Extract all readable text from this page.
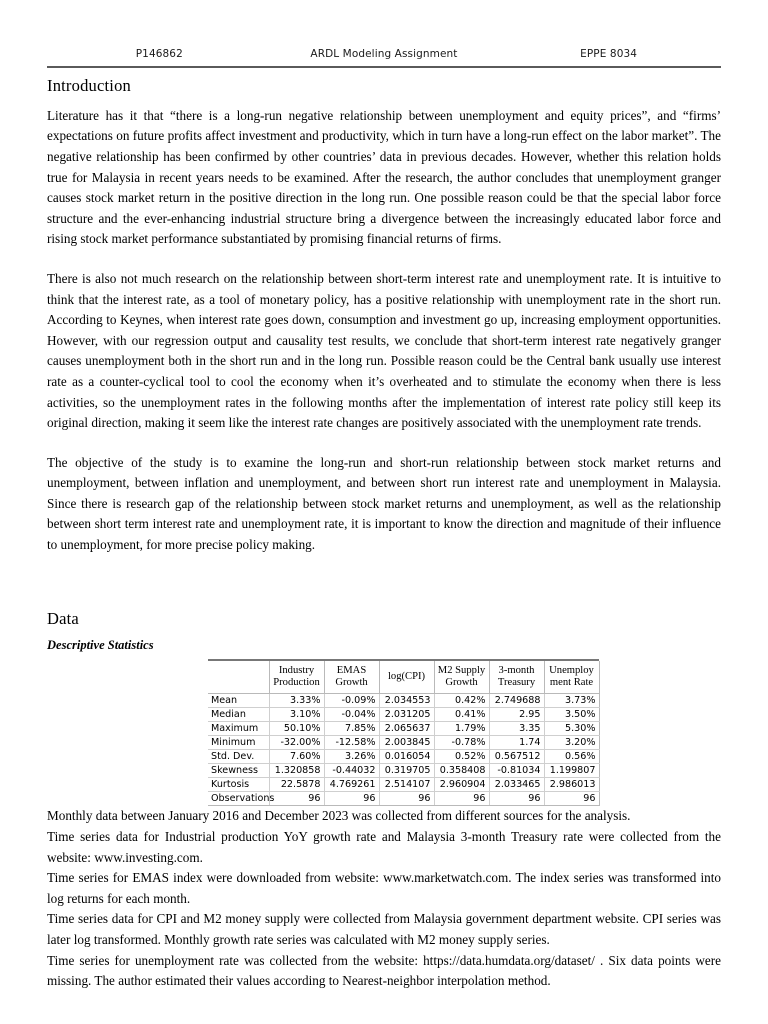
P146862	ARDL Modeling Assignment	EPPE 8034
Introduction

Literature has it that “there is a long-run negative relationship between unemployment and equity prices”, and “firms’ expectations on future profits affect investment and productivity, which in turn have a long-run effect on the labor market”. The negative relationship has been confirmed by other countries’ data in previous decades. However, whether this relation holds true for Malaysia in recent years needs to be examined. After the research, the author concludes that unemployment granger causes stock market return in the positive direction in the long run. One possible reason could be that the special labor force structure and the ever-enhancing industrial structure bring a divergence between the increasingly educated labor force and rising stock market performance substantiated by promising financial returns of firms.

There is also not much research on the relationship between short-term interest rate and unemployment rate. It is intuitive to think that the interest rate, as a tool of monetary policy, has a positive relationship with unemployment rate in the short run. According to Keynes, when interest rate goes down, consumption and investment go up, increasing employment opportunities. However, with our regression output and causality test results, we conclude that short-term interest rate negatively granger causes unemployment both in the short run and in the long run. Possible reason could be the Central bank usually use interest rate as a counter-cyclical tool to cool the economy when it’s overheated and to stimulate the economy when there is less activities, so the unemployment rates in the following months after the implementation of interest rate policy still keep its original direction, making it seem like the interest rate changes are positively associated with the unemployment rate trends.

The objective of the study is to examine the long-run and short-run relationship between stock market returns and unemployment, between inflation and unemployment, and between short run interest rate and unemployment in Malaysia. Since there is research gap of the relationship between stock market returns and unemployment, as well as the relationship between short term interest rate and unemployment rate, it is important to know the direction and magnitude of their influence to unemployment, for more precise policy making.

Data
Descriptive Statistics
	Industry Production	EMAS Growth	log(CPI)	M2 Supply Growth	3-month Treasury	Unemploy ment Rate
Mean	3.33%	-0.09%	2.034553	0.42%	2.749688	3.73%
Median	3.10%	-0.04%	2.031205	0.41%	2.95	3.50%
Maximum	50.10%	7.85%	2.065637	1.79%	3.35	5.30%
Minimum	-32.00%	-12.58%	2.003845	-0.78%	1.74	3.20%
Std. Dev.	7.60%	3.26%	0.016054	0.52%	0.567512	0.56%
Skewness	1.320858	-0.44032	0.319705	0.358408	-0.81034	1.199807
Kurtosis	22.5878	4.769261	2.514107	2.960904	2.033465	2.986013
Observations	96	96	96	96	96	96

Monthly data between January 2016 and December 2023 was collected from different sources for the analysis.

Time series data for Industrial production YoY growth rate and Malaysia 3-month Treasury rate were collected from the website: www.investing.com.

Time series for EMAS index were downloaded from website: www.marketwatch.com. The index series was transformed into log returns for each month.

Time series data for CPI and M2 money supply were collected from Malaysia government department website. CPI series was later log transformed. Monthly growth rate series was calculated with M2 money supply series.

Time series for unemployment rate was collected from the website: https://data.humdata.org/dataset/ . Six data points were missing. The author estimated their values according to Nearest-neighbor interpolation method.
